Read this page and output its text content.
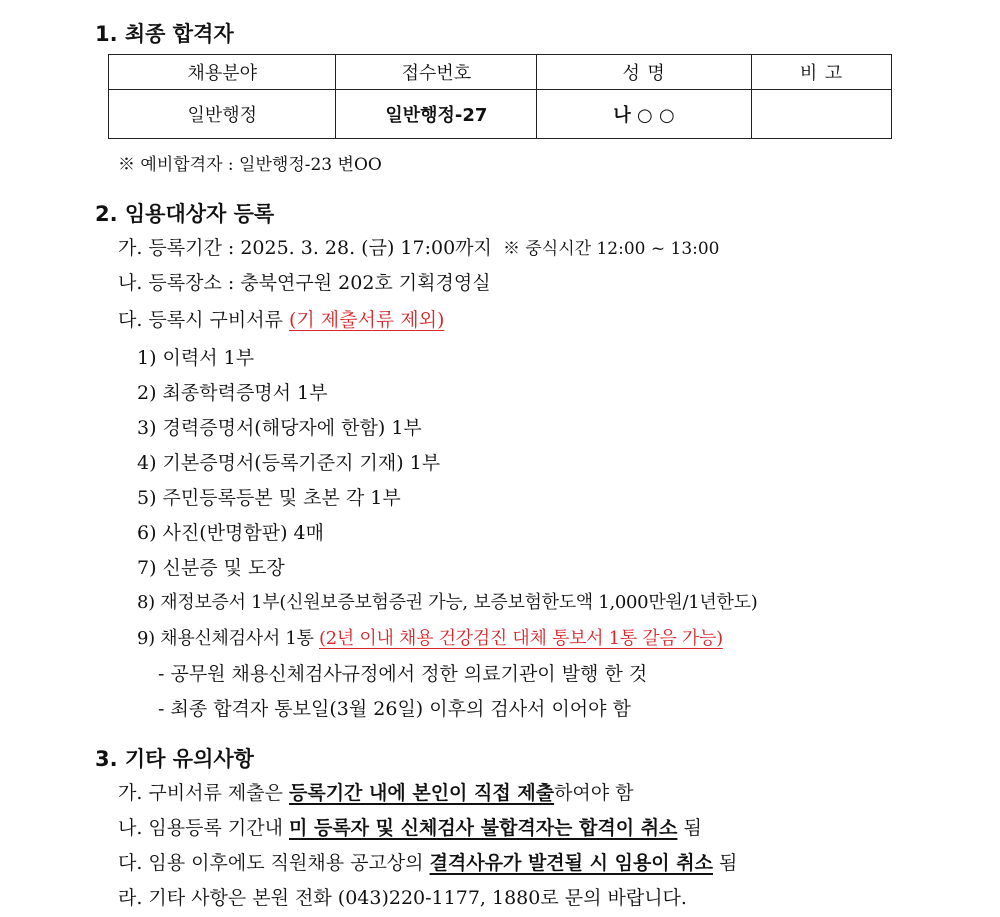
1. 최종 합격자
채용분야	접수번호	성 명	비 고
일반행정	일반행정-27	나 ○ ○	
※ 예비합격자 : 일반행정-23 변OO
2. 임용대상자 등록
가. 등록기간 : 2025. 3. 28. (금) 17:00까지 ※ 중식시간 12:00 ~ 13:00
나. 등록장소 : 충북연구원 202호 기획경영실
다. 등록시 구비서류 (기 제출서류 제외)
1) 이력서 1부
2) 최종학력증명서 1부
3) 경력증명서(해당자에 한함) 1부
4) 기본증명서(등록기준지 기재) 1부
5) 주민등록등본 및 초본 각 1부
6) 사진(반명함판) 4매
7) 신분증 및 도장
8) 재정보증서 1부(신원보증보험증권 가능, 보증보험한도액 1,000만원/1년한도)
9) 채용신체검사서 1통 (2년 이내 채용 건강검진 대체 통보서 1통 갈음 가능)
- 공무원 채용신체검사규정에서 정한 의료기관이 발행 한 것
- 최종 합격자 통보일(3월 26일) 이후의 검사서 이어야 함
3. 기타 유의사항
가. 구비서류 제출은 등록기간 내에 본인이 직접 제출하여야 함
나. 임용등록 기간내 미 등록자 및 신체검사 불합격자는 합격이 취소 됨
다. 임용 이후에도 직원채용 공고상의 결격사유가 발견될 시 임용이 취소 됨
라. 기타 사항은 본원 전화 (043)220-1177, 1880로 문의 바랍니다.
